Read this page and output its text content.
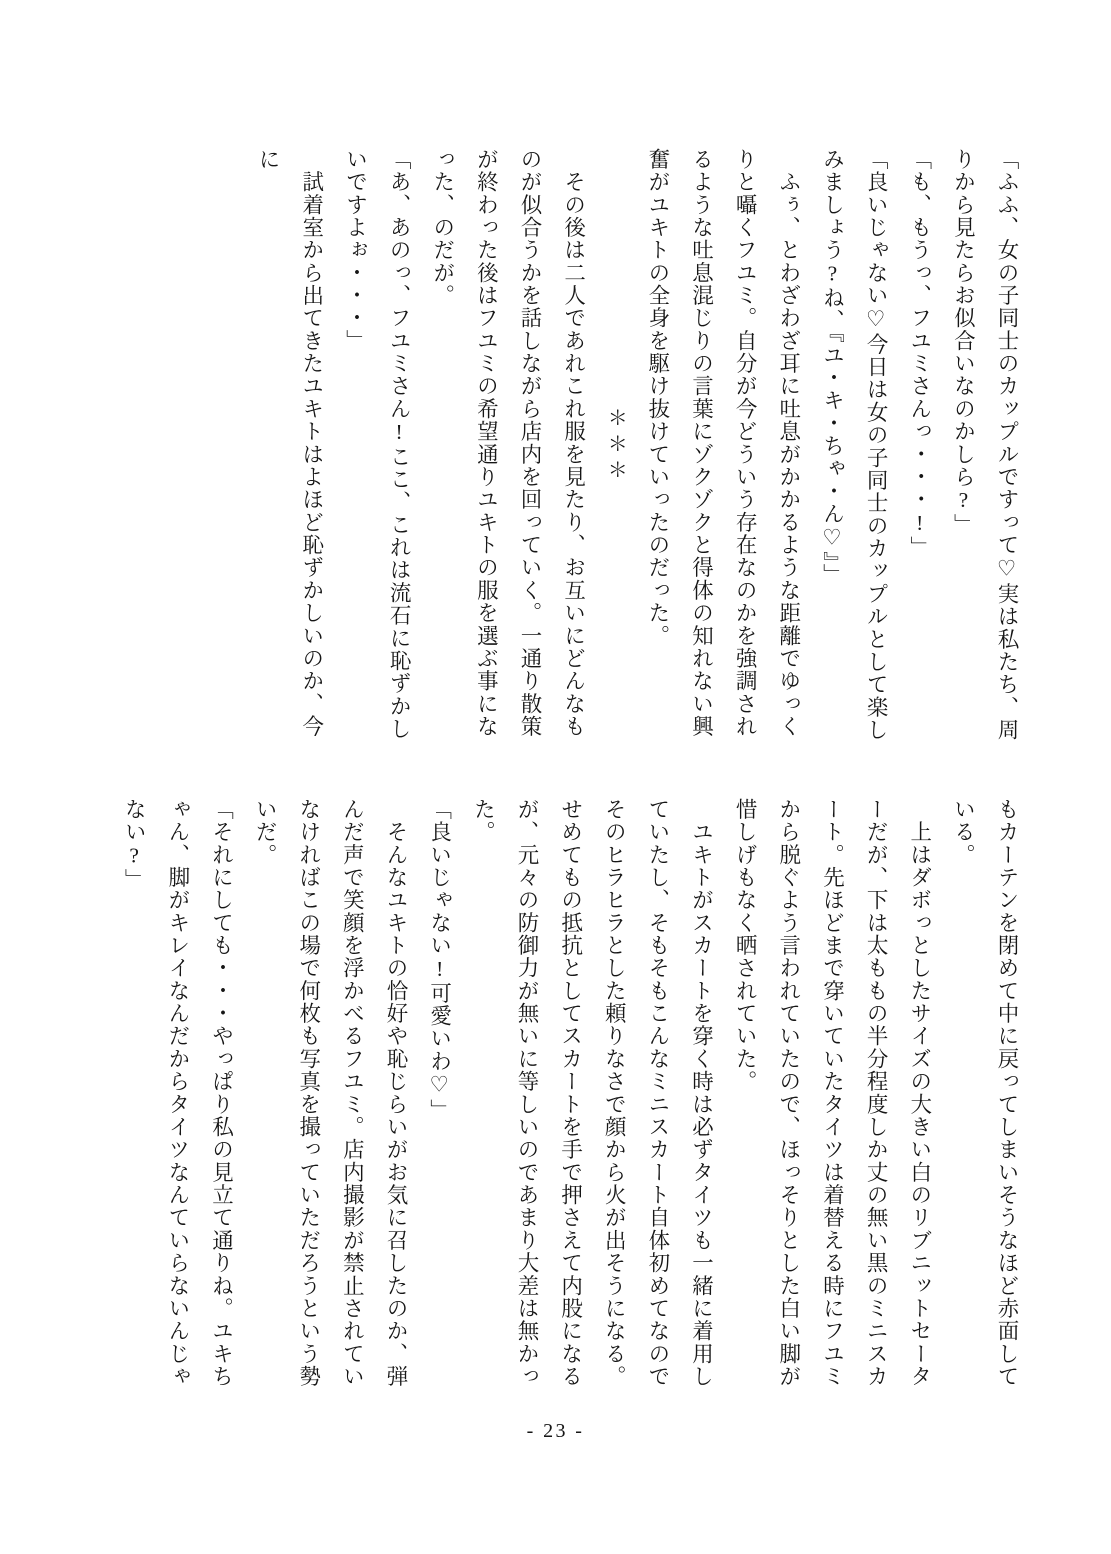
「ふふ、女の子同士のカップルですって♡実は私たち、周りから見たらお似合いなのかしら?」

「も、もうっ、フユミさんっ・・・!」

「良いじゃない♡今日は女の子同士のカップルとして楽しみましょう?ね、『ユ・キ・ちゃ・ん♡』」

　ふぅ、とわざわざ耳に吐息がかかるような距離でゆっくりと囁くフユミ。自分が今どういう存在なのかを強調されるような吐息混じりの言葉にゾクゾクと得体の知れない興奮がユキトの全身を駆け抜けていったのだった。

＊＊＊

　その後は二人であれこれ服を見たり、お互いにどんなものが似合うかを話しながら店内を回っていく。一通り散策が終わった後はフユミの希望通りユキトの服を選ぶ事になった、のだが。

「あ、あのっ、フユミさん!ここ、これは流石に恥ずかしいですよぉ・・・」

　試着室から出てきたユキトはよほど恥ずかしいのか、今に

もカーテンを閉めて中に戻ってしまいそうなほど赤面している。

　上はダボっとしたサイズの大きい白のリブニットセーターだが、下は太ももの半分程度しか丈の無い黒のミニスカート。先ほどまで穿いていたタイツは着替える時にフユミから脱ぐよう言われていたので、ほっそりとした白い脚が惜しげもなく晒されていた。

　ユキトがスカートを穿く時は必ずタイツも一緒に着用していたし、そもそもこんなミニスカート自体初めてなのでそのヒラヒラとした頼りなさで顔から火が出そうになる。せめてもの抵抗としてスカートを手で押さえて内股になるが、元々の防御力が無いに等しいのであまり大差は無かった。

「良いじゃない!可愛いわ♡」

　そんなユキトの恰好や恥じらいがお気に召したのか、弾んだ声で笑顔を浮かべるフユミ。店内撮影が禁止されていなければこの場で何枚も写真を撮っていただろうという勢いだ。

「それにしても・・・やっぱり私の見立て通りね。ユキちゃん、脚がキレイなんだからタイツなんていらないんじゃない?」

- 23 -
